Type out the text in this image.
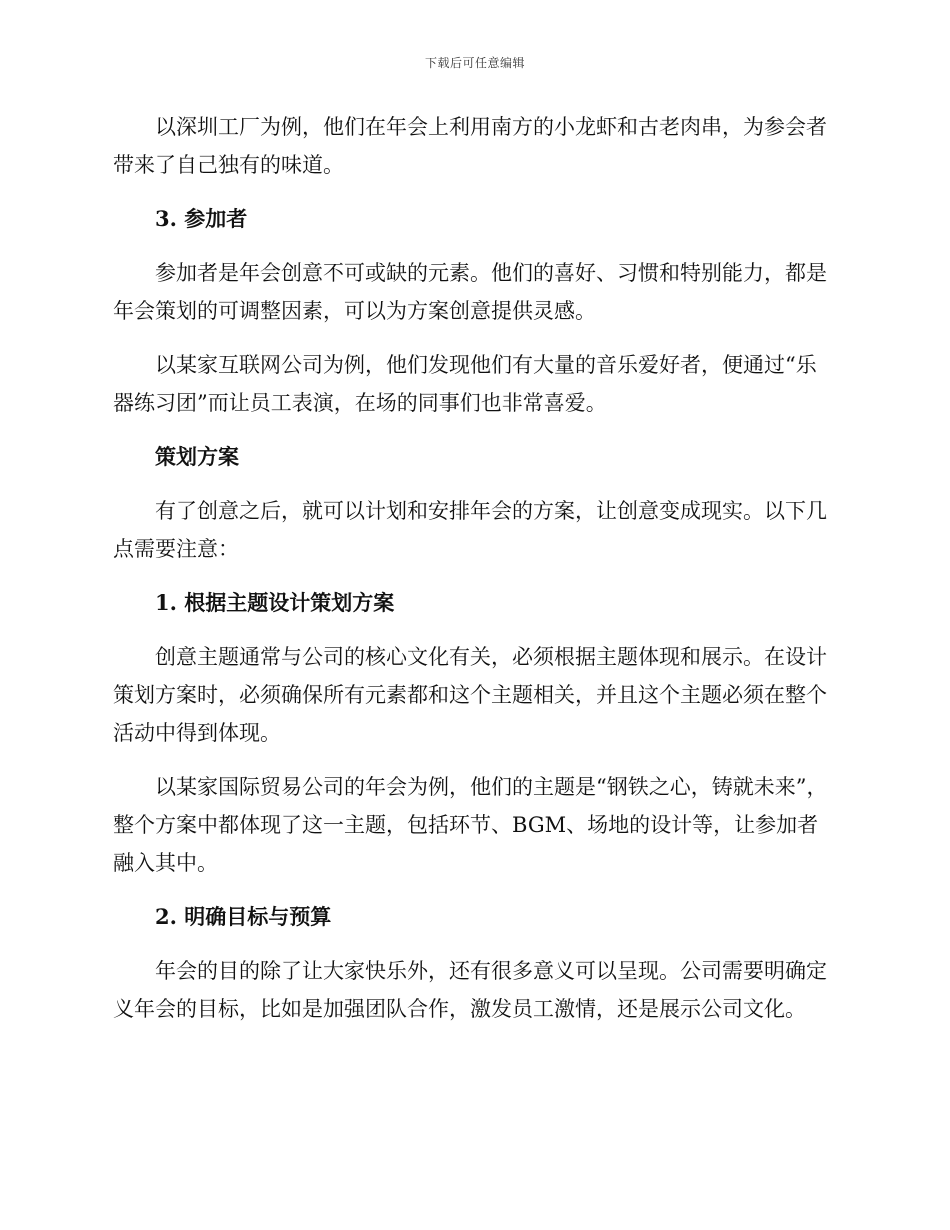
下载后可任意编辑

以深圳工厂为例，他们在年会上利用南方的小龙虾和古老肉串，为参会者带来了自己独有的味道。

3. 参加者

参加者是年会创意不可或缺的元素。他们的喜好、习惯和特别能力，都是年会策划的可调整因素，可以为方案创意提供灵感。

以某家互联网公司为例，他们发现他们有大量的音乐爱好者，便通过“乐器练习团”而让员工表演，在场的同事们也非常喜爱。

策划方案

有了创意之后，就可以计划和安排年会的方案，让创意变成现实。以下几点需要注意：

1. 根据主题设计策划方案

创意主题通常与公司的核心文化有关，必须根据主题体现和展示。在设计策划方案时，必须确保所有元素都和这个主题相关，并且这个主题必须在整个活动中得到体现。

以某家国际贸易公司的年会为例，他们的主题是“钢铁之心，铸就未来”，整个方案中都体现了这一主题，包括环节、BGM、场地的设计等，让参加者融入其中。

2. 明确目标与预算

年会的目的除了让大家快乐外，还有很多意义可以呈现。公司需要明确定义年会的目标，比如是加强团队合作，激发员工激情，还是展示公司文化。
